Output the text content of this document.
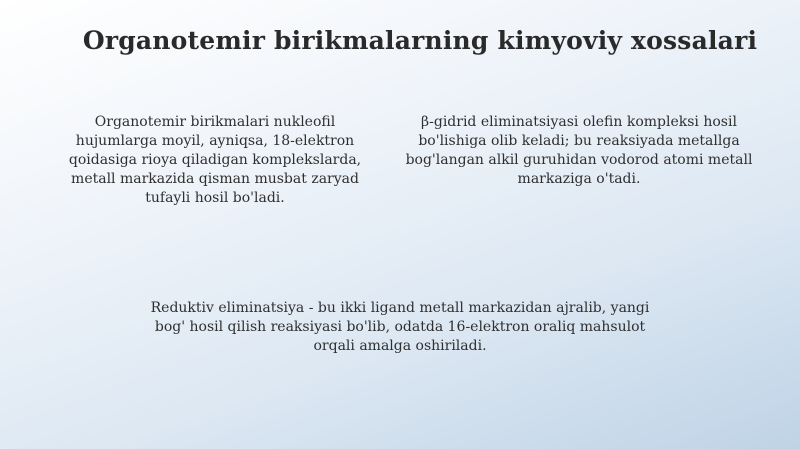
Organotemir birikmalarning kimyoviy xossalari

Organotemir birikmalari nukleofil hujumlarga moyil, ayniqsa, 18-elektron qoidasiga rioya qiladigan komplekslarda, metall markazida qisman musbat zaryad tufayli hosil bo'ladi.

β-gidrid eliminatsiyasi olefin kompleksi hosil bo'lishiga olib keladi; bu reaksiyada metallga bog'langan alkil guruhidan vodorod atomi metall markaziga o'tadi.

Reduktiv eliminatsiya - bu ikki ligand metall markazidan ajralib, yangi bog' hosil qilish reaksiyasi bo'lib, odatda 16-elektron oraliq mahsulot orqali amalga oshiriladi.
